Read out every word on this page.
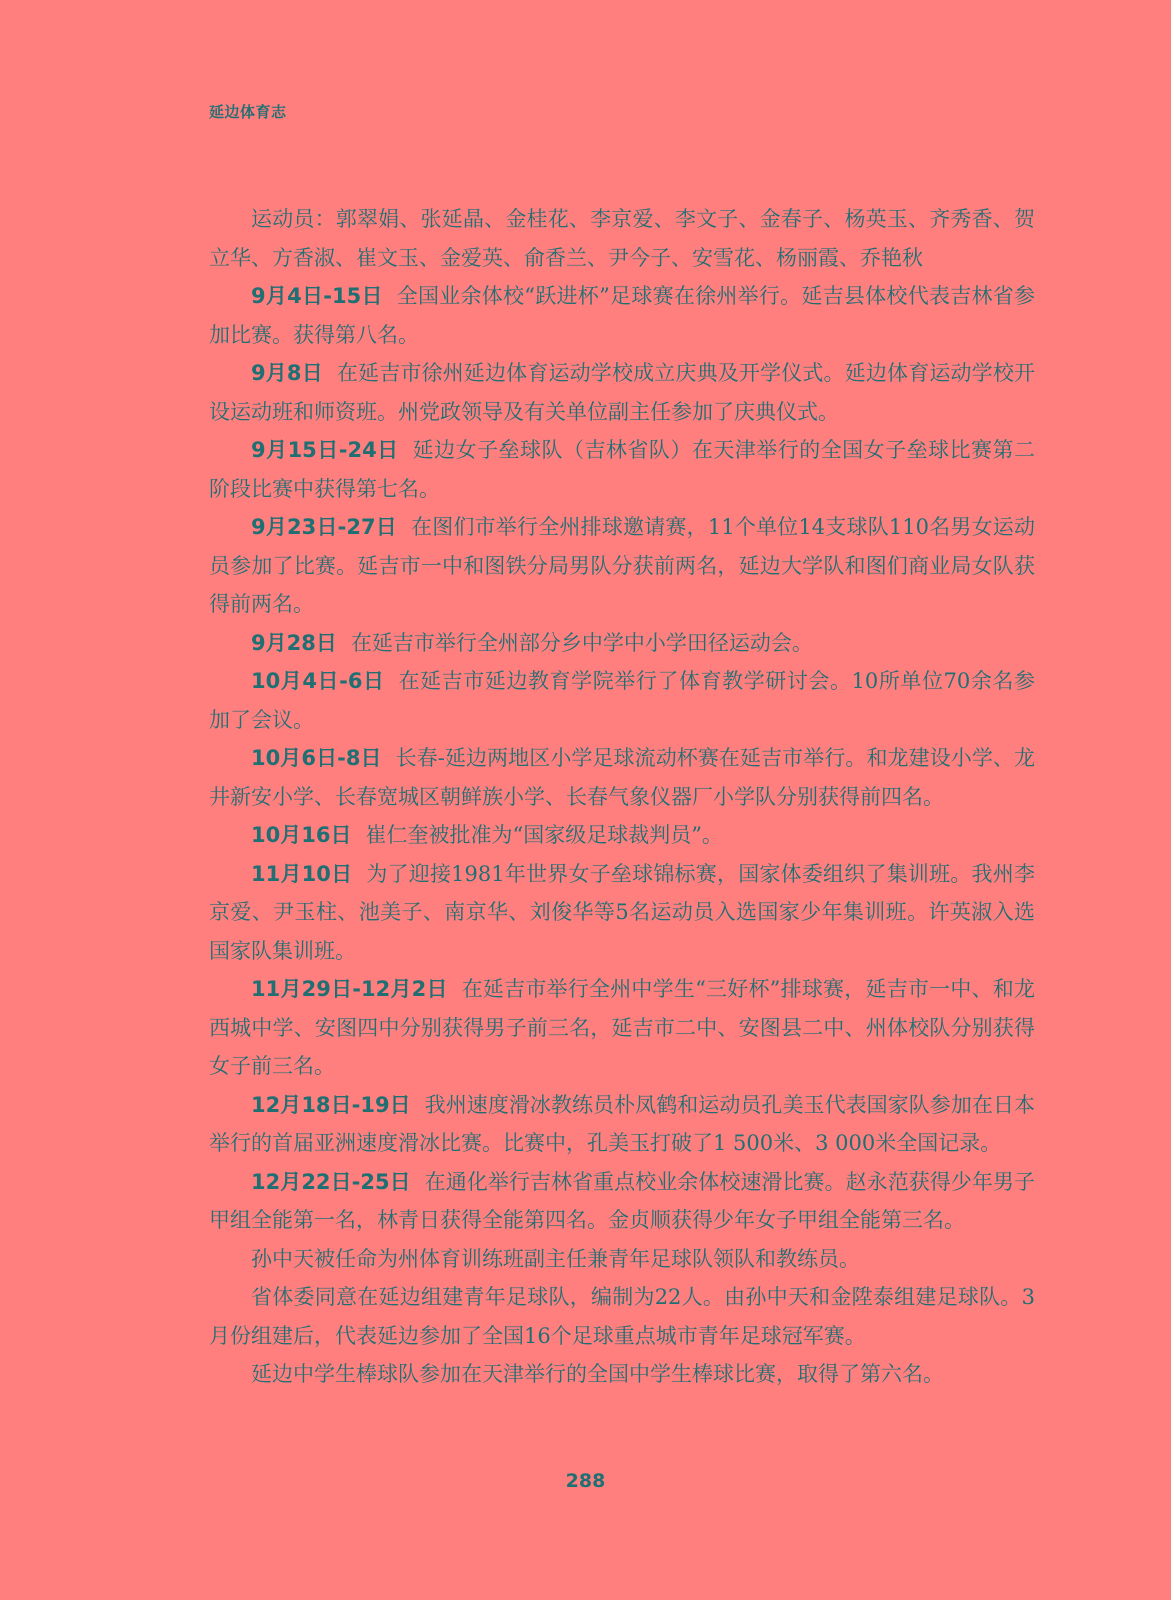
延边体育志

运动员：郭翠娟、张延晶、金桂花、李京爱、李文子、金春子、杨英玉、齐秀香、贺立华、方香淑、崔文玉、金爱英、俞香兰、尹今子、安雪花、杨丽霞、乔艳秋

9月4日-15日 全国业余体校“跃进杯”足球赛在徐州举行。延吉县体校代表吉林省参加比赛。获得第八名。

9月8日 在延吉市徐州延边体育运动学校成立庆典及开学仪式。延边体育运动学校开设运动班和师资班。州党政领导及有关单位副主任参加了庆典仪式。

9月15日-24日 延边女子垒球队（吉林省队）在天津举行的全国女子垒球比赛第二阶段比赛中获得第七名。

9月23日-27日 在图们市举行全州排球邀请赛，11个单位14支球队110名男女运动员参加了比赛。延吉市一中和图铁分局男队分获前两名，延边大学队和图们商业局女队获得前两名。

9月28日 在延吉市举行全州部分乡中学中小学田径运动会。

10月4日-6日 在延吉市延边教育学院举行了体育教学研讨会。10所单位70余名参加了会议。

10月6日-8日 长春-延边两地区小学足球流动杯赛在延吉市举行。和龙建设小学、龙井新安小学、长春宽城区朝鲜族小学、长春气象仪器厂小学队分别获得前四名。

10月16日 崔仁奎被批准为“国家级足球裁判员”。

11月10日 为了迎接1981年世界女子垒球锦标赛，国家体委组织了集训班。我州李京爱、尹玉柱、池美子、南京华、刘俊华等5名运动员入选国家少年集训班。许英淑入选国家队集训班。

11月29日-12月2日 在延吉市举行全州中学生“三好杯”排球赛，延吉市一中、和龙西城中学、安图四中分别获得男子前三名，延吉市二中、安图县二中、州体校队分别获得女子前三名。

12月18日-19日 我州速度滑冰教练员朴凤鹤和运动员孔美玉代表国家队参加在日本举行的首届亚洲速度滑冰比赛。比赛中，孔美玉打破了1 500米、3 000米全国记录。

12月22日-25日 在通化举行吉林省重点校业余体校速滑比赛。赵永范获得少年男子甲组全能第一名，林青日获得全能第四名。金贞顺获得少年女子甲组全能第三名。

孙中天被任命为州体育训练班副主任兼青年足球队领队和教练员。

省体委同意在延边组建青年足球队，编制为22人。由孙中天和金陞泰组建足球队。3月份组建后，代表延边参加了全国16个足球重点城市青年足球冠军赛。

延边中学生棒球队参加在天津举行的全国中学生棒球比赛，取得了第六名。

288
